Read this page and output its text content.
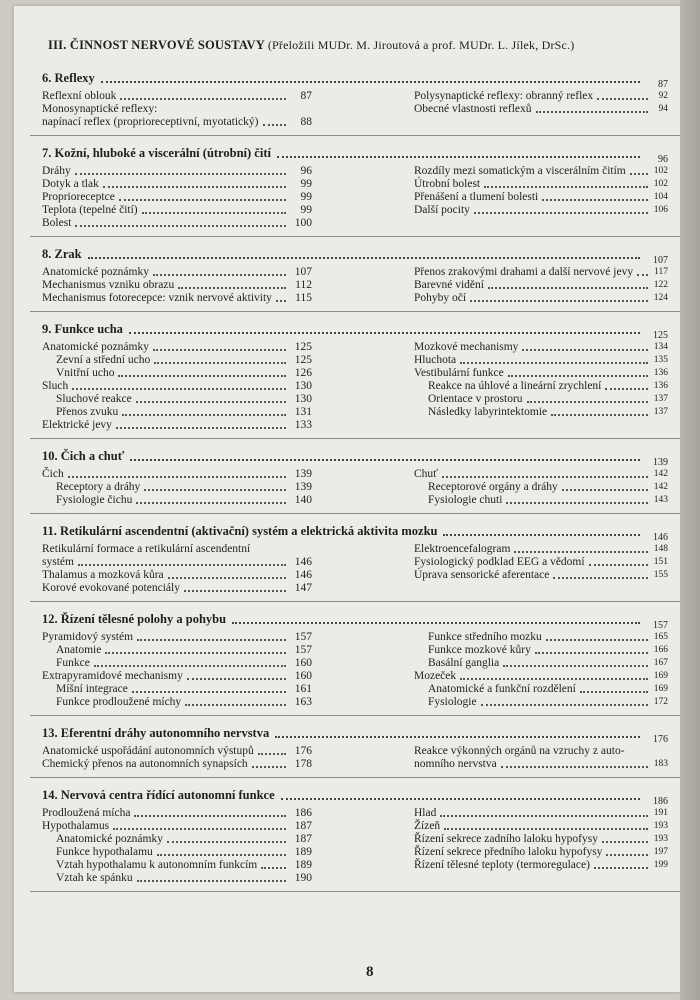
III. ČINNOST NERVOVÉ SOUSTAVY (Přeložili MUDr. M. Jiroutová a prof. MUDr. L. Jílek, DrSc.)
6. Reflexy	87
Reflexní oblouk	87
Monosynaptické reflexy:
napínací reflex (proprioreceptivní, myotatický)	88
Polysynaptické reflexy: obranný reflex	92
Obecné vlastnosti reflexů	94
7. Kožní, hluboké a viscerální (útrobní) čití	96
Dráhy	96
Dotyk a tlak	99
Proprioreceptce	99
Teplota (tepelné čití)	99
Bolest	100
Rozdíly mezi somatickým a viscerálním čitím	102
Útrobní bolest	102
Přenášení a tlumení bolesti	104
Další pocity	106
8. Zrak	107
Anatomické poznámky	107
Mechanismus vzniku obrazu	112
Mechanismus fotorecepce: vznik nervové aktivity	115
Přenos zrakovými drahami a další nervové jevy 117
Barevné vidění	122
Pohyby očí	124
9. Funkce ucha	125
Anatomické poznámky	125
Zevní a střední ucho	125
Vnitřní ucho	126
Sluch	130
Sluchové reakce	130
Přenos zvuku	131
Elektrické jevy	133
Mozkové mechanismy	134
Hluchota	135
Vestibulární funkce	136
Reakce na úhlové a lineární zrychlení	136
Orientace v prostoru	137
Následky labyrintektomie	137
10. Čich a chuť	139
Čich	139
Receptory a dráhy	139
Fysiologie čichu	140
Chuť	142
Receptorové orgány a dráhy	142
Fysiologie chuti	143
11. Retikulární ascendentní (aktivační) systém a elektrická aktivita mozku	146
Retikulární formace a retikulární ascendentní
systém	146
Thalamus a mozková kůra	146
Korové evokované potenciály	147
Elektroencefalogram	148
Fysiologický podklad EEG a vědomí	151
Úprava sensorické aferentace	155
12. Řízení tělesné polohy a pohybu	157
Pyramidový systém	157
Anatomie	157
Funkce	160
Extrapyramidové mechanismy	160
Míšní integrace	161
Funkce prodloužené míchy	163
Funkce středního mozku	165
Funkce mozkové kůry	166
Basální ganglia	167
Mozeček	169
Anatomické a funkční rozdělení	169
Fysiologie	172
13. Eferentní dráhy autonomního nervstva	176
Anatomické uspořádání autonomních výstupů	176
Chemický přenos na autonomních synapsích	178
Reakce výkonných orgánů na vzruchy z auto-
nomního nervstva	183
14. Nervová centra řídící autonomní funkce	186
Prodloužená mícha	186
Hypothalamus	187
Anatomické poznámky	187
Funkce hypothalamu	189
Vztah hypothalamu k autonomním funkcím	189
Vztah ke spánku	190
Hlad	191
Žízeň	193
Řízení sekrece zadního laloku hypofysy	193
Řízení sekrece předního laloku hypofysy	197
Řízení tělesné teploty (termoregulace)	199
8
